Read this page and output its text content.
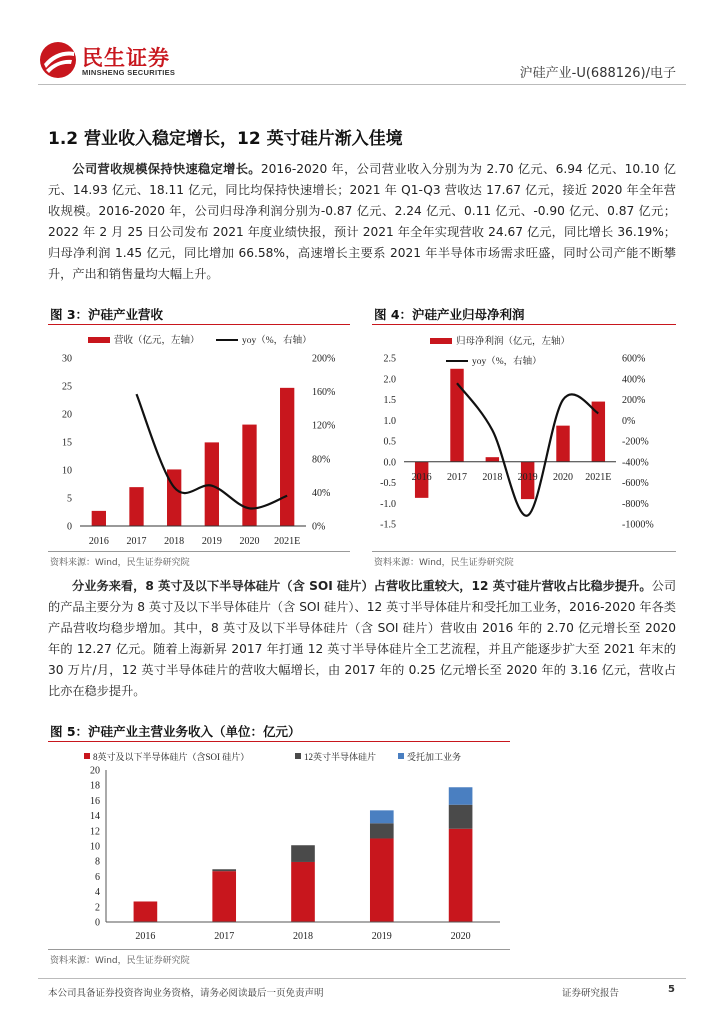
民生证券
MINSHENG SECURITIES	沪硅产业-U(688126)/电子
1.2 营业收入稳定增长，12 英寸硅片渐入佳境
公司营收规模保持快速稳定增长。2016-2020 年，公司营业收入分别为为 2.70 亿元、6.94 亿元、10.10 亿元、14.93 亿元、18.11 亿元，同比均保持快速增长；2021 年 Q1-Q3 营收达 17.67 亿元，接近 2020 年全年营收规模。2016-2020 年，公司归母净利润分别为-0.87 亿元、2.24 亿元、0.11 亿元、-0.90 亿元、0.87 亿元；2022 年 2 月 25 日公司发布 2021 年度业绩快报，预计 2021 年全年实现营收 24.67 亿元，同比增长 36.19%；归母净利润 1.45 亿元，同比增加 66.58%，高速增长主要系 2021 年半导体市场需求旺盛，同时公司产能不断攀升，产出和销售量均大幅上升。
图 3：沪硅产业营收
营收（亿元，左轴）	yoy（%，右轴）
0
5
10
15
20
25
30
0%
40%
80%
120%
160%
200%
2016 2017 2018 2019 2020 2021E
资料来源：Wind，民生证券研究院
图 4：沪硅产业归母净利润
归母净利润（亿元，左轴）
yoy（%，右轴）
-1.5
-1.0
-0.5
0.0
0.5
1.0
1.5
2.0
2.5
-1000%
-800%
-600%
-400%
-200%
0%
200%
400%
600%
2016 2017 2018 2019 2020 2021E
资料来源：Wind，民生证券研究院
分业务来看，8 英寸及以下半导体硅片（含 SOI 硅片）占营收比重较大，12 英寸硅片营收占比稳步提升。公司的产品主要分为 8 英寸及以下半导体硅片（含 SOI 硅片）、12 英寸半导体硅片和受托加工业务，2016-2020 年各类产品营收均稳步增加。其中，8 英寸及以下半导体硅片（含 SOI 硅片）营收由 2016 年的 2.70 亿元增长至 2020 年的 12.27 亿元。随着上海新昇 2017 年打通 12 英寸半导体硅片全工艺流程，并且产能逐步扩大至 2021 年末的 30 万片/月，12 英寸半导体硅片的营收大幅增长，由 2017 年的 0.25 亿元增长至 2020 年的 3.16 亿元，营收占比亦在稳步提升。
图 5：沪硅产业主营业务收入（单位：亿元）
8英寸及以下半导体硅片（含SOI 硅片）	12英寸半导体硅片	受托加工业务
0
2
4
6
8
10
12
14
16
18
20
2016	2017	2018	2019	2020
资料来源：Wind，民生证券研究院
本公司具备证券投资咨询业务资格，请务必阅读最后一页免责声明	证券研究报告	5
